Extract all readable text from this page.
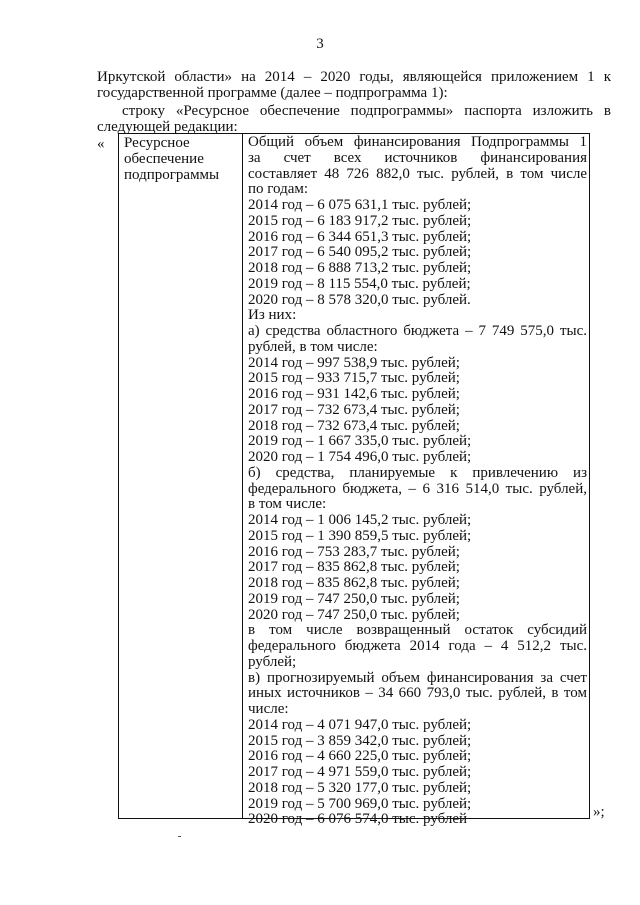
3
Иркутской области» на 2014 – 2020 годы, являющейся приложением 1 к
государственной программе (далее – подпрограмма 1):
строку «Ресурсное обеспечение подпрограммы» паспорта изложить в
следующей редакции:
« Ресурсное
обеспечение
подпрограммы
Общий объем финансирования Подпрограммы 1
за счет всех источников финансирования
составляет 48 726 882,0 тыс. рублей, в том числе
по годам:
2014 год – 6 075 631,1 тыс. рублей;
2015 год – 6 183 917,2 тыс. рублей;
2016 год – 6 344 651,3 тыс. рублей;
2017 год – 6 540 095,2 тыс. рублей;
2018 год – 6 888 713,2 тыс. рублей;
2019 год – 8 115 554,0 тыс. рублей;
2020 год – 8 578 320,0 тыс. рублей.
Из них:
а) средства областного бюджета – 7 749 575,0 тыс.
рублей, в том числе:
2014 год – 997 538,9 тыс. рублей;
2015 год – 933 715,7 тыс. рублей;
2016 год – 931 142,6 тыс. рублей;
2017 год – 732 673,4 тыс. рублей;
2018 год – 732 673,4 тыс. рублей;
2019 год – 1 667 335,0 тыс. рублей;
2020 год – 1 754 496,0 тыс. рублей;
б) средства, планируемые к привлечению из
федерального бюджета, – 6 316 514,0 тыс. рублей,
в том числе:
2014 год – 1 006 145,2 тыс. рублей;
2015 год – 1 390 859,5 тыс. рублей;
2016 год – 753 283,7 тыс. рублей;
2017 год – 835 862,8 тыс. рублей;
2018 год – 835 862,8 тыс. рублей;
2019 год – 747 250,0 тыс. рублей;
2020 год – 747 250,0 тыс. рублей;
в том числе возвращенный остаток субсидий
федерального бюджета 2014 года – 4 512,2 тыс.
рублей;
в) прогнозируемый объем финансирования за счет
иных источников – 34 660 793,0 тыс. рублей, в том
числе:
2014 год – 4 071 947,0 тыс. рублей;
2015 год – 3 859 342,0 тыс. рублей;
2016 год – 4 660 225,0 тыс. рублей;
2017 год – 4 971 559,0 тыс. рублей;
2018 год – 5 320 177,0 тыс. рублей;
2019 год – 5 700 969,0 тыс. рублей;
2020 год – 6 076 574,0 тыс. рублей	»;
